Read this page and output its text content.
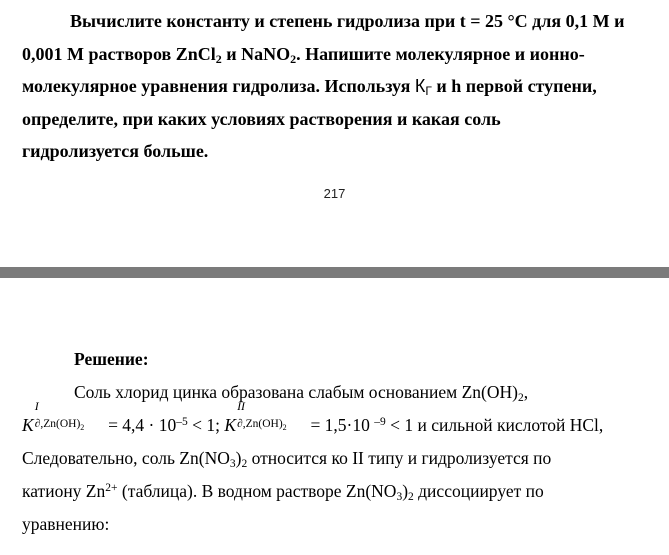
Вычислите константу и степень гидролиза при t = 25 °C для 0,1 М и

0,001 М растворов ZnCl$_2$ и NaNO$_2$. Напишите молекулярное и ионно-

молекулярное уравнения гидролиза. Используя $К_Г$ и h первой ступени,

определите, при каких условиях растворения и какая соль

гидролизуется больше.

217

Решение:

Соль хлорид цинка образована слабым основанием $Zn(OH)_2$,

K
I
$\partial,Zn(OH)_2 = 4,4 \cdot 10^{-5} < 1$; K
II
$\partial,Zn(OH)_2 = 1,5\cdot 10$ $^{-9}$ < 1 и сильной кислотой HCl,

Следовательно, соль $Zn(NO_3)_2$ относится ко II типу и гидролизуется по

катиону $Zn^{2+}$ (таблица). В водном растворе $Zn(NO_3)_2$ диссоциирует по

уравнению:
